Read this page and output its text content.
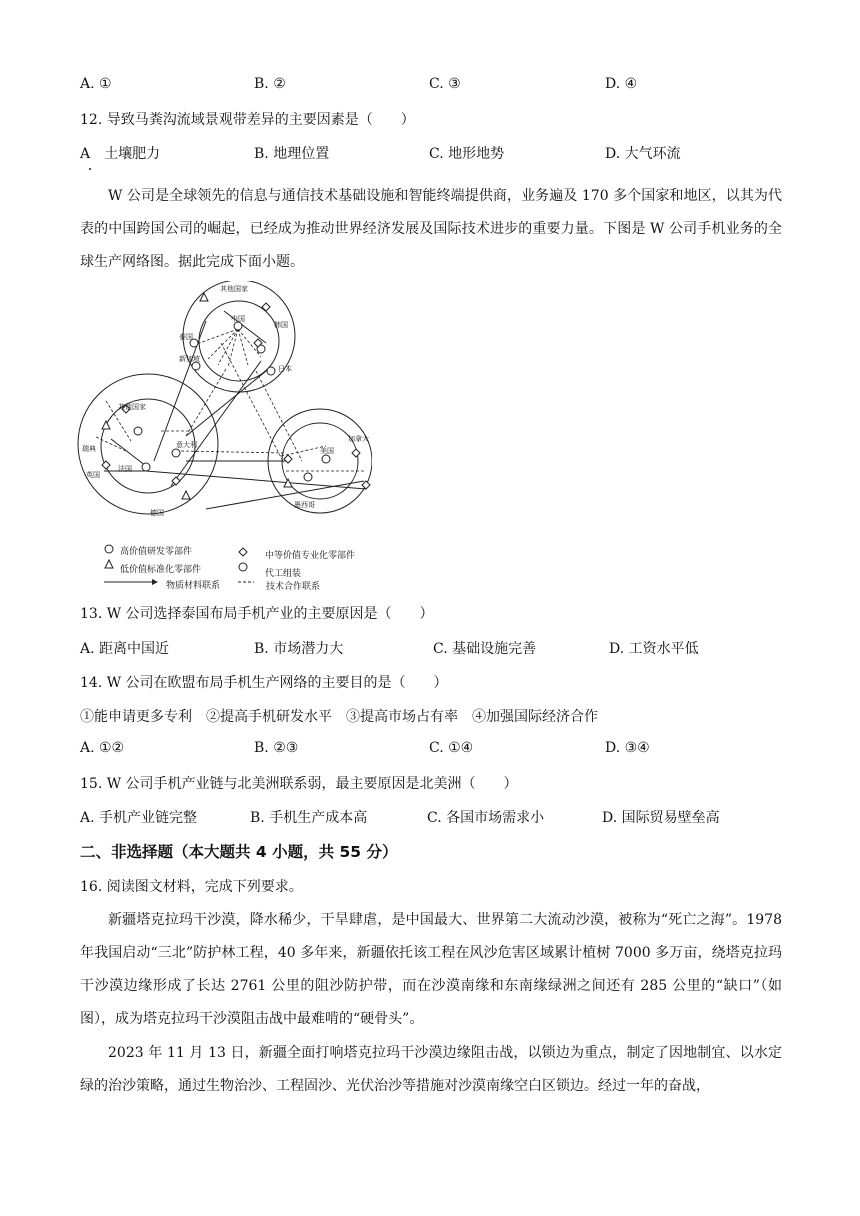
A. ①	B. ②	C. ③	D. ④
12. 导致马粪沟流域景观带差异的主要因素是（　　）
A　土壤肥力	B. 地理位置	C. 地形地势	D. 大气环流
W 公司是全球领先的信息与通信技术基础设施和智能终端提供商，业务遍及 170 多个国家和地区，以其为代表的中国跨国公司的崛起，已经成为推动世界经济发展及国际技术进步的重要力量。下图是 W 公司手机业务的全球生产网络图。据此完成下面小题。
其他国家
中国
韩国
泰国
新加坡
日本
其他国家
瑞典
英国
法国
意大利
德国
美国
加拿大
墨西哥
高价值研发零部件	中等价值专业化零部件
低价值标准化零部件	代工组装
物质材料联系	技术合作联系
13. W 公司选择泰国布局手机产业的主要原因是（　　）
A. 距离中国近	B. 市场潜力大	C. 基础设施完善	D. 工资水平低
14. W 公司在欧盟布局手机生产网络的主要目的是（　　）
①能申请更多专利　②提高手机研发水平　③提高市场占有率　④加强国际经济合作
A. ①②	B. ②③	C. ①④	D. ③④
15. W 公司手机产业链与北美洲联系弱，最主要原因是北美洲（　　）
A. 手机产业链完整	B. 手机生产成本高	C. 各国市场需求小	D. 国际贸易壁垒高
二、非选择题（本大题共 4 小题，共 55 分）
16. 阅读图文材料，完成下列要求。
新疆塔克拉玛干沙漠，降水稀少，干旱肆虐，是中国最大、世界第二大流动沙漠，被称为“死亡之海”。1978 年我国启动“三北”防护林工程，40 多年来，新疆依托该工程在风沙危害区域累计植树 7000 多万亩，绕塔克拉玛干沙漠边缘形成了长达 2761 公里的阻沙防护带，而在沙漠南缘和东南缘绿洲之间还有 285 公里的“缺口”（如图），成为塔克拉玛干沙漠阻击战中最难啃的“硬骨头”。
2023 年 11 月 13 日，新疆全面打响塔克拉玛干沙漠边缘阻击战，以锁边为重点，制定了因地制宜、以水定绿的治沙策略，通过生物治沙、工程固沙、光伏治沙等措施对沙漠南缘空白区锁边。经过一年的奋战，
